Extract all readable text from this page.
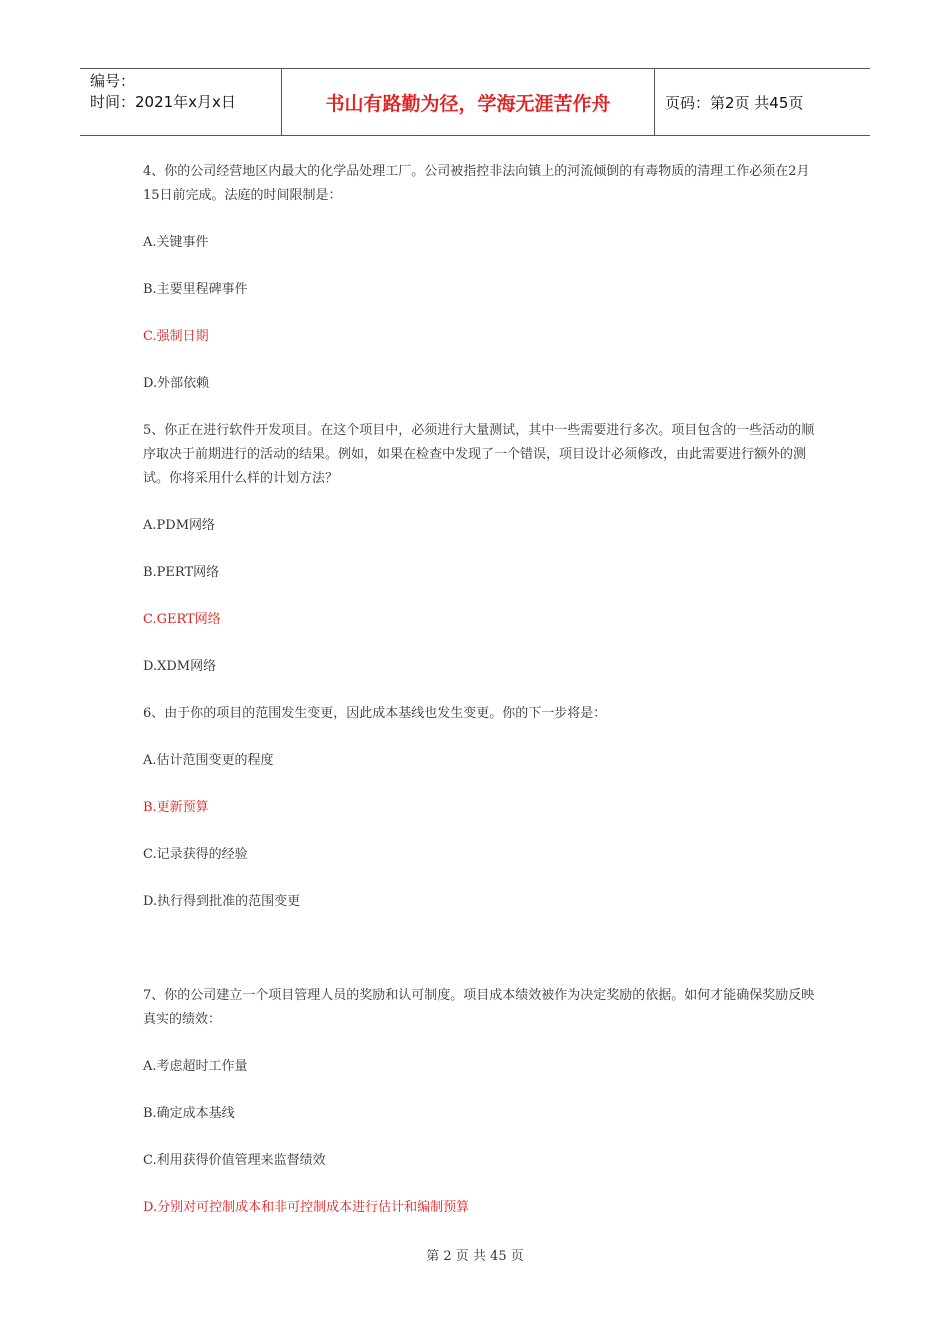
编号：
时间：2021年x月x日	书山有路勤为径，学海无涯苦作舟	页码：第2页 共45页

4、你的公司经营地区内最大的化学品处理工厂。公司被指控非法向镇上的河流倾倒的有毒物质的清理工作必须在2月15日前完成。法庭的时间限制是：

A.关键事件

B.主要里程碑事件

C.强制日期

D.外部依赖

5、你正在进行软件开发项目。在这个项目中，必须进行大量测试，其中一些需要进行多次。项目包含的一些活动的顺序取决于前期进行的活动的结果。例如，如果在检查中发现了一个错误，项目设计必须修改，由此需要进行额外的测试。你将采用什么样的计划方法？

A.PDM网络

B.PERT网络

C.GERT网络

D.XDM网络

6、由于你的项目的范围发生变更，因此成本基线也发生变更。你的下一步将是：

A.估计范围变更的程度

B.更新预算

C.记录获得的经验

D.执行得到批准的范围变更

7、你的公司建立一个项目管理人员的奖励和认可制度。项目成本绩效被作为决定奖励的依据。如何才能确保奖励反映真实的绩效：

A.考虑超时工作量

B.确定成本基线

C.利用获得价值管理来监督绩效

D.分别对可控制成本和非可控制成本进行估计和编制预算

第 2 页 共 45 页
